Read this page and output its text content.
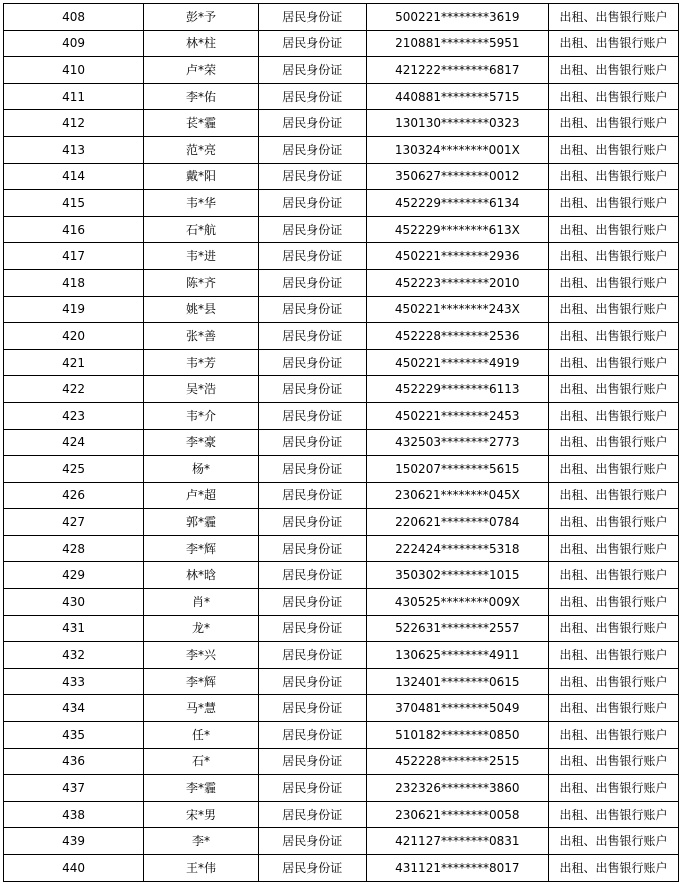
408	彭*予	居民身份证	500221********3619	出租、出售银行账户
409	林*柱	居民身份证	210881********5951	出租、出售银行账户
410	卢*荣	居民身份证	421222********6817	出租、出售银行账户
411	李*佑	居民身份证	440881********5715	出租、出售银行账户
412	苌*霾	居民身份证	130130********0323	出租、出售银行账户
413	范*亮	居民身份证	130324********001X	出租、出售银行账户
414	戴*阳	居民身份证	350627********0012	出租、出售银行账户
415	韦*华	居民身份证	452229********6134	出租、出售银行账户
416	石*航	居民身份证	452229********613X	出租、出售银行账户
417	韦*进	居民身份证	450221********2936	出租、出售银行账户
418	陈*齐	居民身份证	452223********2010	出租、出售银行账户
419	姚*县	居民身份证	450221********243X	出租、出售银行账户
420	张*善	居民身份证	452228********2536	出租、出售银行账户
421	韦*芳	居民身份证	450221********4919	出租、出售银行账户
422	吴*浩	居民身份证	452229********6113	出租、出售银行账户
423	韦*介	居民身份证	450221********2453	出租、出售银行账户
424	李*豪	居民身份证	432503********2773	出租、出售银行账户
425	杨*	居民身份证	150207********5615	出租、出售银行账户
426	卢*超	居民身份证	230621********045X	出租、出售银行账户
427	郭*霾	居民身份证	220621********0784	出租、出售银行账户
428	李*辉	居民身份证	222424********5318	出租、出售银行账户
429	林*晗	居民身份证	350302********1015	出租、出售银行账户
430	肖*	居民身份证	430525********009X	出租、出售银行账户
431	龙*	居民身份证	522631********2557	出租、出售银行账户
432	李*兴	居民身份证	130625********4911	出租、出售银行账户
433	李*辉	居民身份证	132401********0615	出租、出售银行账户
434	马*慧	居民身份证	370481********5049	出租、出售银行账户
435	任*	居民身份证	510182********0850	出租、出售银行账户
436	石*	居民身份证	452228********2515	出租、出售银行账户
437	李*霾	居民身份证	232326********3860	出租、出售银行账户
438	宋*男	居民身份证	230621********0058	出租、出售银行账户
439	李*	居民身份证	421127********0831	出租、出售银行账户
440	王*伟	居民身份证	431121********8017	出租、出售银行账户
